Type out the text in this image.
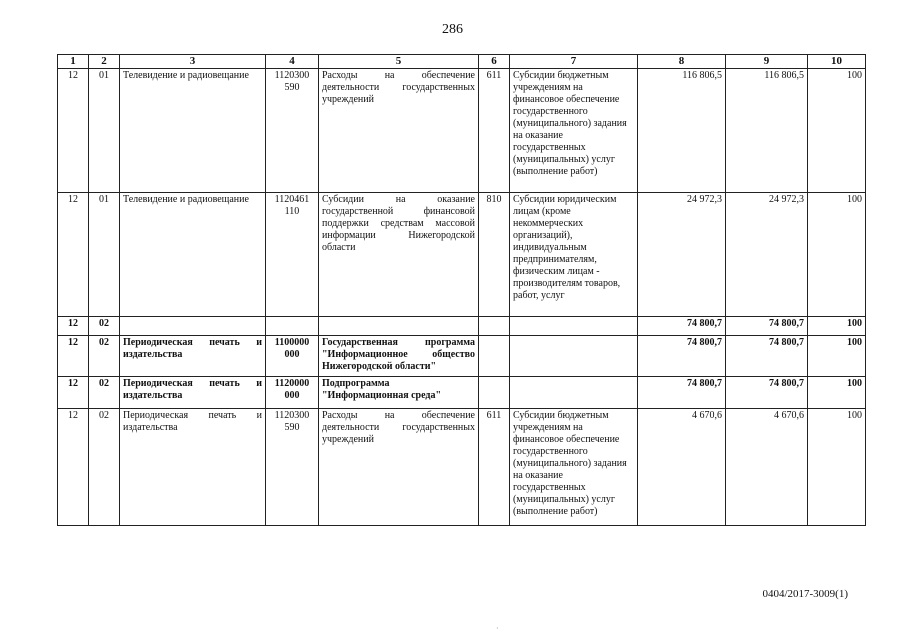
286
1	2	3	4	5	6	7	8	9	10
12	01	Телевидение и радиовещание	1120300 590	Расходы на обеспечение деятельности государственных учреждений	611	Субсидии бюджетным учреждениям на финансовое обеспечение государственного (муниципального) задания на оказание государственных (муниципальных) услуг (выполнение работ)	116 806,5	116 806,5	100
12	01	Телевидение и радиовещание	1120461 110	Субсидии на оказание государственной финансовой поддержки средствам массовой информации Нижегородской области	810	Субсидии юридическим лицам (кроме некоммерческих организаций), индивидуальным предпринимателям, физическим лицам - производителям товаров, работ, услуг	24 972,3	24 972,3	100
12	02						74 800,7	74 800,7	100
12	02	Периодическая печать и издательства	1100000 000	Государственная программа "Информационное общество Нижегородской области"			74 800,7	74 800,7	100
12	02	Периодическая печать и издательства	1120000 000	Подпрограмма "Информационная среда"			74 800,7	74 800,7	100
12	02	Периодическая печать и издательства	1120300 590	Расходы на обеспечение деятельности государственных учреждений	611	Субсидии бюджетным учреждениям на финансовое обеспечение государственного (муниципального) задания на оказание государственных (муниципальных) услуг (выполнение работ)	4 670,6	4 670,6	100
0404/2017-3009(1)
·
